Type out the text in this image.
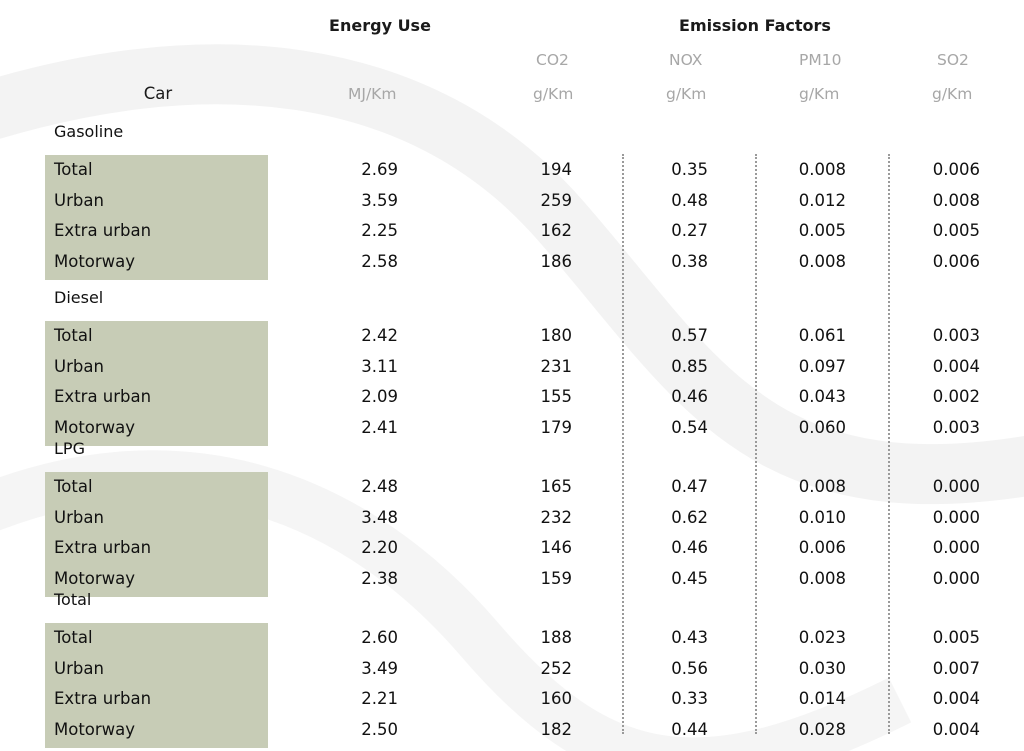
Energy Use	Emission Factors
CO2	NOX	PM10	SO2
Car	MJ/Km	g/Km	g/Km	g/Km	g/Km
Gasoline
Total	2.69	194	0.35	0.008	0.006
Urban	3.59	259	0.48	0.012	0.008
Extra urban	2.25	162	0.27	0.005	0.005
Motorway	2.58	186	0.38	0.008	0.006
Diesel
Total	2.42	180	0.57	0.061	0.003
Urban	3.11	231	0.85	0.097	0.004
Extra urban	2.09	155	0.46	0.043	0.002
Motorway	2.41	179	0.54	0.060	0.003
LPG
Total	2.48	165	0.47	0.008	0.000
Urban	3.48	232	0.62	0.010	0.000
Extra urban	2.20	146	0.46	0.006	0.000
Motorway	2.38	159	0.45	0.008	0.000
Total
Total	2.60	188	0.43	0.023	0.005
Urban	3.49	252	0.56	0.030	0.007
Extra urban	2.21	160	0.33	0.014	0.004
Motorway	2.50	182	0.44	0.028	0.004
